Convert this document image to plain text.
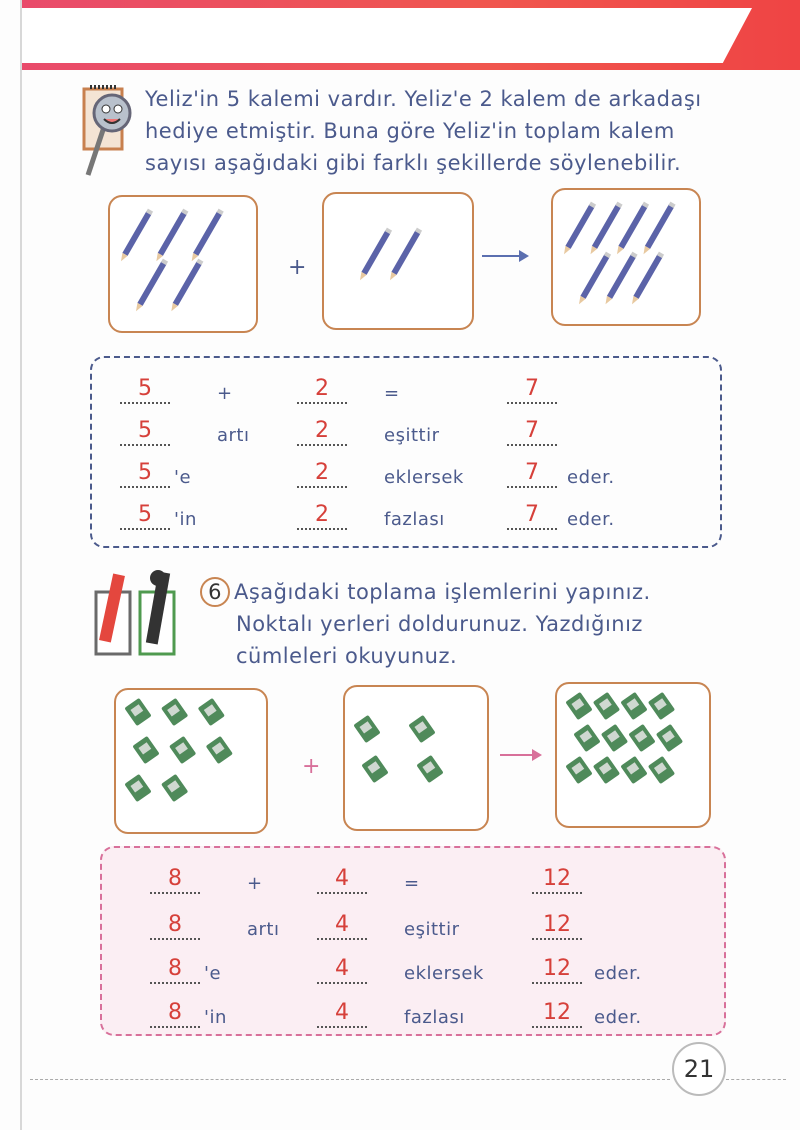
Yeliz'in 5 kalemi vardır. Yeliz'e 2 kalem de arkadaşı
hediye etmiştir. Buna göre Yeliz'in toplam kalem
sayısı aşağıdaki gibi farklı şekillerde söylenebilir.
+
5	+	2	=	7
5	artı	2	eşittir	7
5	'e	2	eklersek	7	eder.
5	'in	2	fazlası	7	eder.
6 Aşağıdaki toplama işlemlerini yapınız.
Noktalı yerleri doldurunuz. Yazdığınız
cümleleri okuyunuz.
+
8	+	4	=	12
8	artı	4	eşittir	12
8	'e	4	eklersek	12	eder.
8	'in	4	fazlası	12	eder.
21
